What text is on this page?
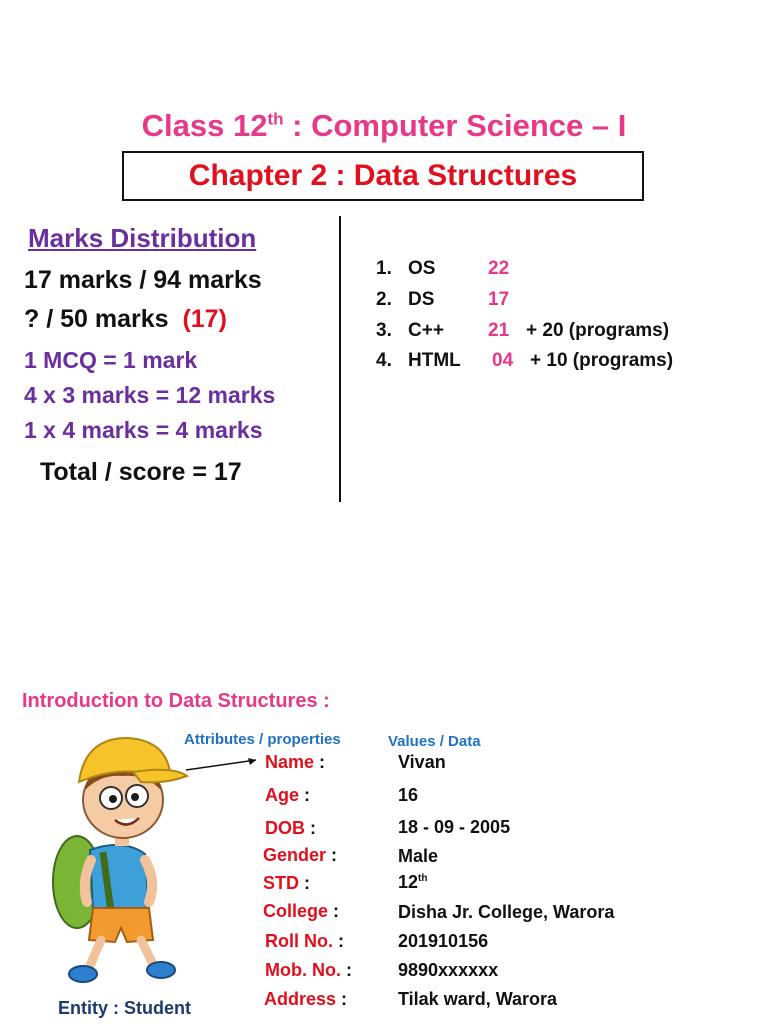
Class 12th : Computer Science – I
Chapter 2 : Data Structures
Marks Distribution
17 marks / 94 marks
? / 50 marks (17)
1 MCQ = 1 mark
4 x 3 marks = 12 marks
1 x 4 marks = 4 marks
Total / score = 17
1. OS	22
2. DS	17
3. C++ 21 + 20 (programs)
4. HTML 04 + 10 (programs)
Introduction to Data Structures :
Attributes / properties	Values / Data
Name :	Vivan
Age :	16
DOB :	18 - 09 - 2005
Gender :	Male
STD :	12th
College :	Disha Jr. College, Warora
Roll No. :	201910156
Mob. No. :	9890xxxxxx
Address :	Tilak ward, Warora
Entity : Student
